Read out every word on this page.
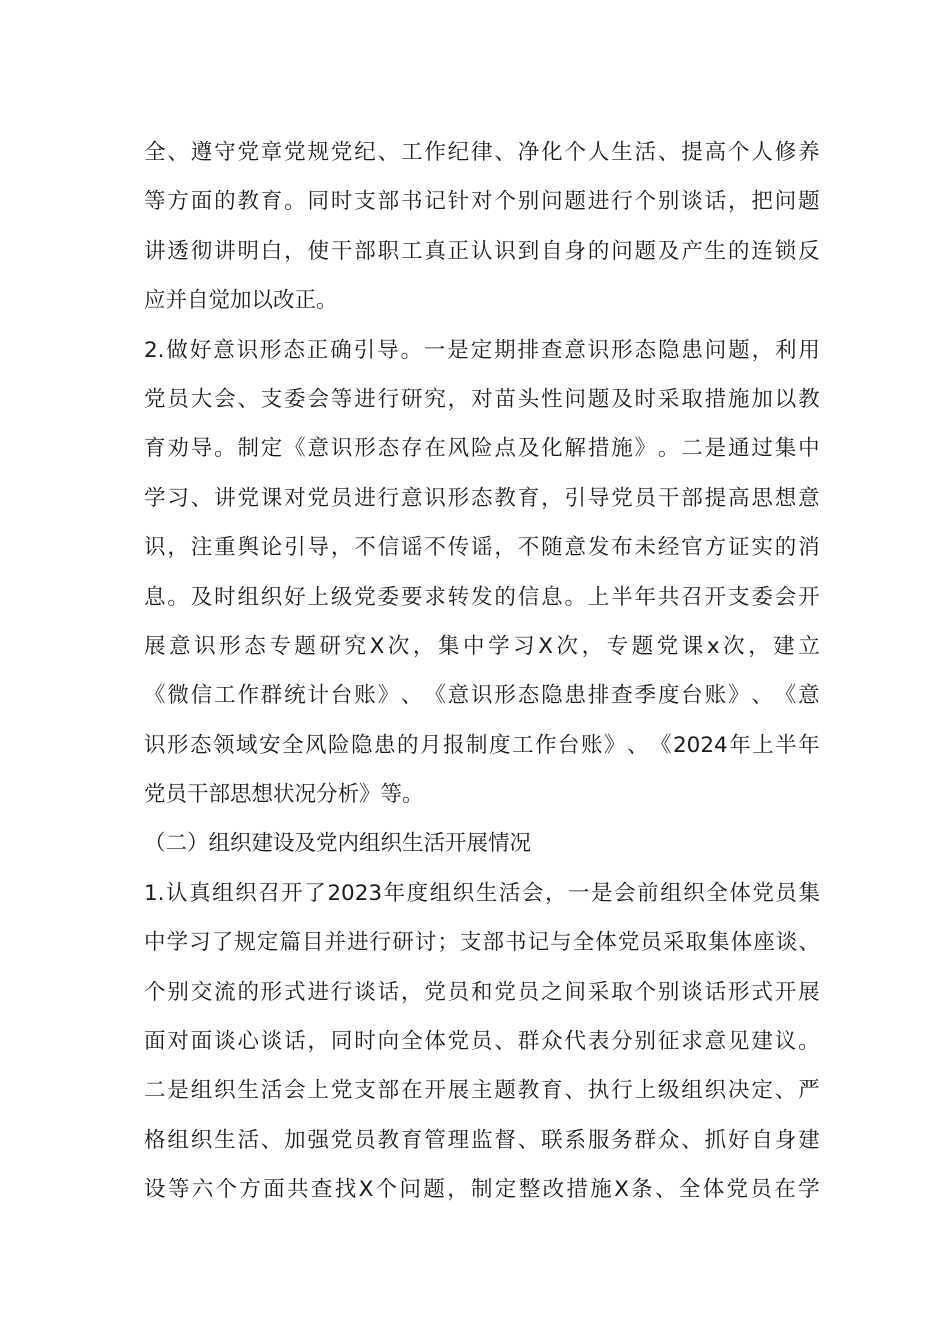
全 、 遵 守 党 章 党 规 党 纪 、 工 作 纪 律 、 净 化 个 人 生 活 、 提 高 个 人 修 养
等 方 面 的 教 育 。 同 时 支 部 书 记 针 对 个 别 问 题 进 行 个 别 谈 话 ， 把 问 题
讲 透 彻 讲 明 白 ， 使 干 部 职 工 真 正 认 识 到 自 身 的 问 题 及 产 生 的 连 锁 反
应并自觉加以改正。
2. 做 好 意 识 形 态 正 确 引 导 。 一 是 定 期 排 查 意 识 形 态 隐 患 问 题 ， 利 用
党 员 大 会 、 支 委 会 等 进 行 研 究 ， 对 苗 头 性 问 题 及 时 采 取 措 施 加 以 教
育 劝 导 。 制 定 《 意 识 形 态 存 在 风 险 点 及 化 解 措 施 》 。 二 是 通 过 集 中
学 习 、 讲 党 课 对 党 员 进 行 意 识 形 态 教 育 ， 引 导 党 员 干 部 提 高 思 想 意
识 ， 注 重 舆 论 引 导 ， 不 信 谣 不 传 谣 ， 不 随 意 发 布 未 经 官 方 证 实 的 消
息 。 及 时 组 织 好 上 级 党 委 要 求 转 发 的 信 息 。 上 半 年 共 召 开 支 委 会 开
展 意 识 形 态 专 题 研 究 X 次 ， 集 中 学 习 X 次 ， 专 题 党 课 x 次 ， 建 立
《 微 信 工 作 群 统 计 台 账 》 、 《 意 识 形 态 隐 患 排 查 季 度 台 账 》 、 《 意
识 形 态 领 域 安 全 风 险 隐 患 的 月 报 制 度 工 作 台 账 》 、 《 2024 年 上 半 年
党员干部思想状况分析》等。
（二）组织建设及党内组织生活开展情况
1. 认 真 组 织 召 开 了 2023 年 度 组 织 生 活 会 ， 一 是 会 前 组 织 全 体 党 员 集
中 学 习 了 规 定 篇 目 并 进 行 研 讨 ； 支 部 书 记 与 全 体 党 员 采 取 集 体 座 谈 、
个 别 交 流 的 形 式 进 行 谈 话 ， 党 员 和 党 员 之 间 采 取 个 别 谈 话 形 式 开 展
面 对 面 谈 心 谈 话 ， 同 时 向 全 体 党 员 、 群 众 代 表 分 别 征 求 意 见 建 议 。
二 是 组 织 生 活 会 上 党 支 部 在 开 展 主 题 教 育 、 执 行 上 级 组 织 决 定 、 严
格 组 织 生 活 、 加 强 党 员 教 育 管 理 监 督 、 联 系 服 务 群 众 、 抓 好 自 身 建
设 等 六 个 方 面 共 查 找 X 个 问 题 ， 制 定 整 改 措 施 X 条 、 全 体 党 员 在 学
